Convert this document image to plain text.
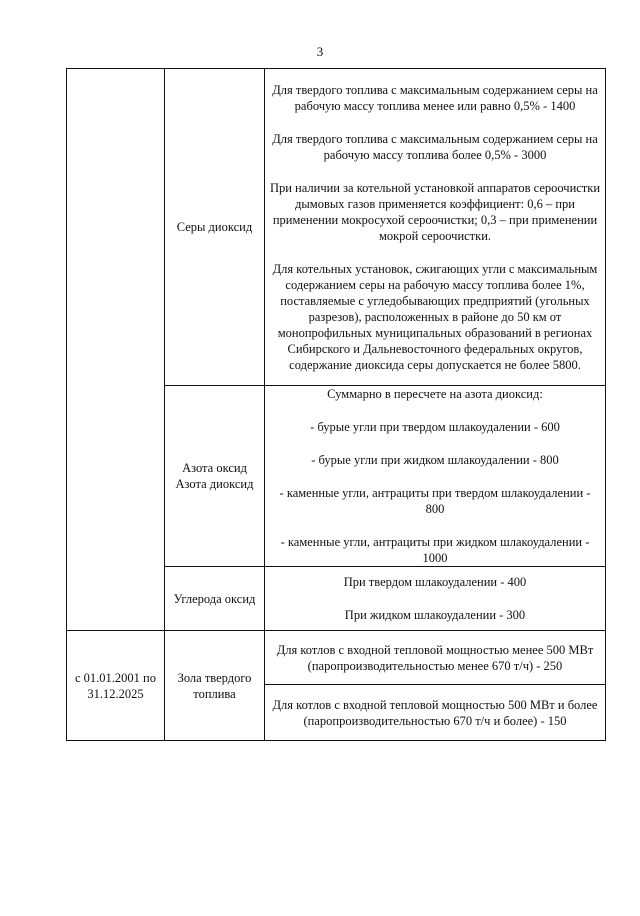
3
	Серы диоксид	Для твердого топлива с максимальным содержанием серы на рабочую массу топлива менее или равно 0,5% - 1400

Для твердого топлива с максимальным содержанием серы на рабочую массу топлива более 0,5% - 3000

При наличии за котельной установкой аппаратов сероочистки дымовых газов применяется коэффициент: 0,6 – при применении мокросухой сероочистки; 0,3 – при применении мокрой сероочистки.

Для котельных установок, сжигающих угли с максимальным содержанием серы на рабочую массу топлива более 1%, поставляемые с угледобывающих предприятий (угольных разрезов), расположенных в районе до 50 км от монопрофильных муниципальных образований в регионах Сибирского и Дальневосточного федеральных округов, содержание диоксида серы допускается не более 5800.

	Азота оксид Азота диоксид	Суммарно в пересчете на азота диоксид:

- бурые угли при твердом шлакоудалении - 600

- бурые угли при жидком шлакоудалении - 800

- каменные угли, антрациты при твердом шлакоудалении - 800

- каменные угли, антрациты при жидком шлакоудалении - 1000

	Углерода оксид	При твердом шлакоудалении - 400

При жидком шлакоудалении - 300

с 01.01.2001 по 31.12.2025	Зола твердого топлива	Для котлов с входной тепловой мощностью менее 500 МВт (паропроизводительностью менее 670 т/ч) - 250
		Для котлов с входной тепловой мощностью 500 МВт и более (паропроизводительностью 670 т/ч и более) - 150
